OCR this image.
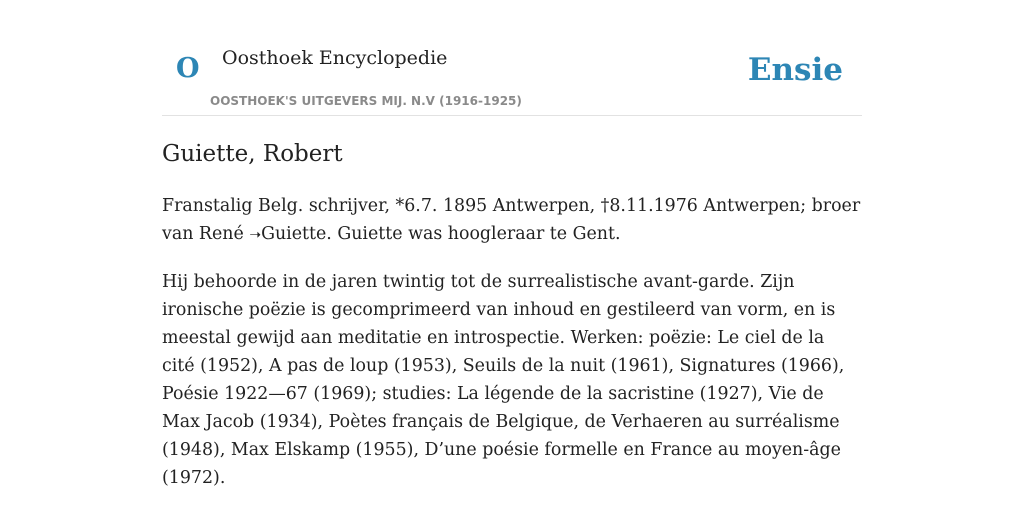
O Oosthoek Encyclopedie
OOSTHOEK'S UITGEVERS MIJ. N.V (1916-1925)
Ensie
Guiette, Robert

Franstalig Belg. schrijver, *6.7. 1895 Antwerpen, †8.11.1976 Antwerpen; broer van René ➝Guiette. Guiette was hoogleraar te Gent.

Hij behoorde in de jaren twintig tot de surrealistische avant-garde. Zijn ironische poëzie is gecomprimeerd van inhoud en gestileerd van vorm, en is meestal gewijd aan meditatie en introspectie. Werken: poëzie: Le ciel de la cité (1952), A pas de loup (1953), Seuils de la nuit (1961), Signatures (1966), Poésie 1922—67 (1969); studies: La légende de la sacristine (1927), Vie de Max Jacob (1934), Poètes français de Belgique, de Verhaeren au surréalisme (1948), Max Elskamp (1955), D’une poésie formelle en France au moyen-âge (1972).
